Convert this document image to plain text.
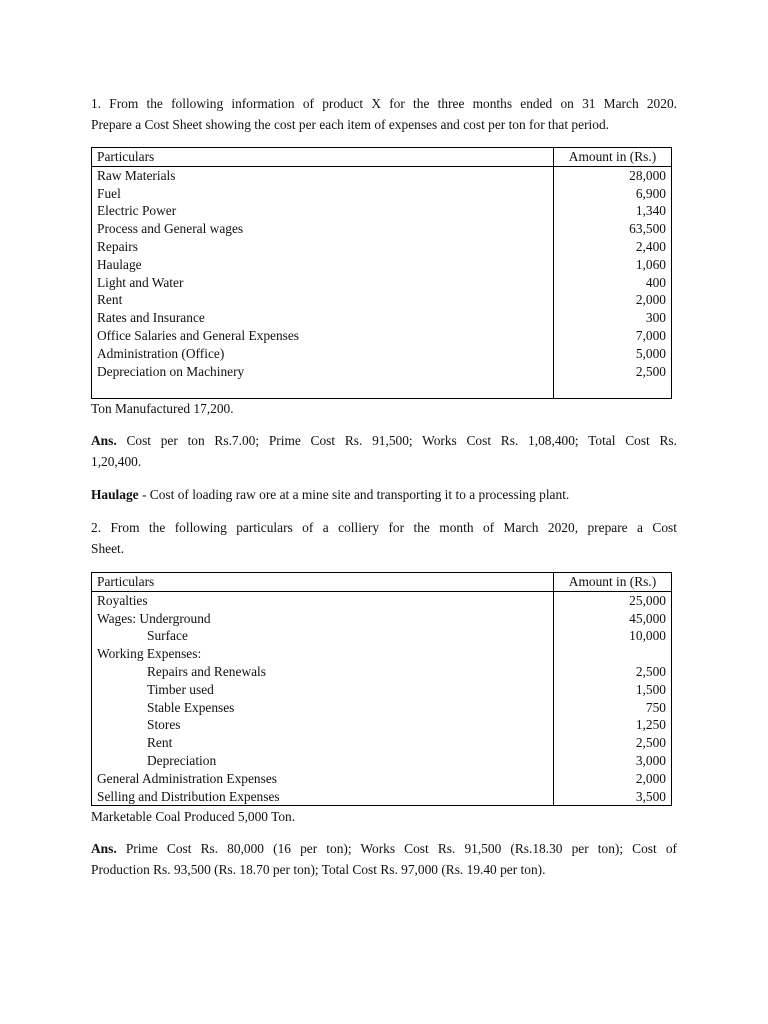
1. From the following information of product X for the three months ended on 31 March 2020.
Prepare a Cost Sheet showing the cost per each item of expenses and cost per ton for that period.

Particulars	Amount in (Rs.)
Raw Materials	28,000
Fuel	6,900
Electric Power	1,340
Process and General wages	63,500
Repairs	2,400
Haulage	1,060
Light and Water	400
Rent	2,000
Rates and Insurance	300
Office Salaries and General Expenses	7,000
Administration (Office)	5,000
Depreciation on Machinery	2,500

Ton Manufactured 17,200.

Ans. Cost per ton Rs.7.00; Prime Cost Rs. 91,500; Works Cost Rs. 1,08,400; Total Cost Rs.
1,20,400.

Haulage - Cost of loading raw ore at a mine site and transporting it to a processing plant.

2. From the following particulars of a colliery for the month of March 2020, prepare a Cost
Sheet.

Particulars	Amount in (Rs.)
Royalties	25,000
Wages: Underground	45,000
Surface	10,000
Working Expenses:	
Repairs and Renewals	2,500
Timber used	1,500
Stable Expenses	750
Stores	1,250
Rent	2,500
Depreciation	3,000
General Administration Expenses	2,000
Selling and Distribution Expenses	3,500

Marketable Coal Produced 5,000 Ton.

Ans. Prime Cost Rs. 80,000 (16 per ton); Works Cost Rs. 91,500 (Rs.18.30 per ton); Cost of
Production Rs. 93,500 (Rs. 18.70 per ton); Total Cost Rs. 97,000 (Rs. 19.40 per ton).
